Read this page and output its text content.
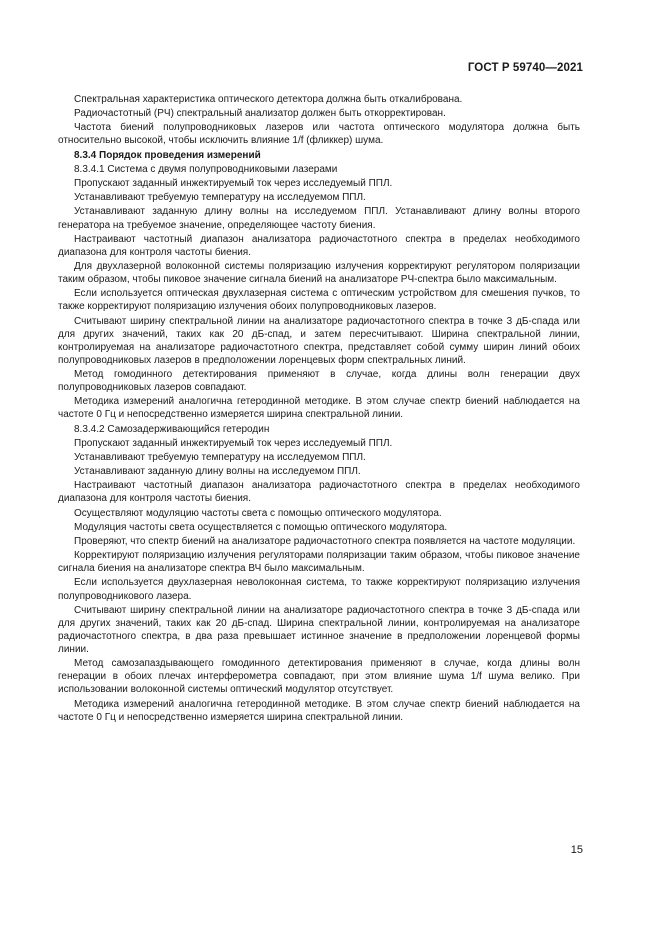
ГОСТ Р 59740—2021

Спектральная характеристика оптического детектора должна быть откалибрована.

Радиочастотный (РЧ) спектральный анализатор должен быть откорректирован.

Частота биений полупроводниковых лазеров или частота оптического модулятора должна быть относительно высокой, чтобы исключить влияние 1/f (фликкер) шума.

8.3.4 Порядок проведения измерений

8.3.4.1 Система с двумя полупроводниковыми лазерами

Пропускают заданный инжектируемый ток через исследуемый ППЛ.

Устанавливают требуемую температуру на исследуемом ППЛ.

Устанавливают заданную длину волны на исследуемом ППЛ. Устанавливают длину волны второго генератора на требуемое значение, определяющее частоту биения.

Настраивают частотный диапазон анализатора радиочастотного спектра в пределах необходимого диапазона для контроля частоты биения.

Для двухлазерной волоконной системы поляризацию излучения корректируют регулятором поляризации таким образом, чтобы пиковое значение сигнала биений на анализаторе РЧ-спектра было максимальным.

Если используется оптическая двухлазерная система с оптическим устройством для смешения пучков, то также корректируют поляризацию излучения обоих полупроводниковых лазеров.

Считывают ширину спектральной линии на анализаторе радиочастотного спектра в точке 3 дБ-спада или для других значений, таких как 20 дБ-спад, и затем пересчитывают. Ширина спектральной линии, контролируемая на анализаторе радиочастотного спектра, представляет собой сумму ширин линий обоих полупроводниковых лазеров в предположении лоренцевых форм спектральных линий.

Метод гомодинного детектирования применяют в случае, когда длины волн генерации двух полупроводниковых лазеров совпадают.

Методика измерений аналогична гетеродинной методике. В этом случае спектр биений наблюдается на частоте 0 Гц и непосредственно измеряется ширина спектральной линии.

8.3.4.2 Самозадерживающийся гетеродин

Пропускают заданный инжектируемый ток через исследуемый ППЛ.

Устанавливают требуемую температуру на исследуемом ППЛ.

Устанавливают заданную длину волны на исследуемом ППЛ.

Настраивают частотный диапазон анализатора радиочастотного спектра в пределах необходимого диапазона для контроля частоты биения.

Осуществляют модуляцию частоты света с помощью оптического модулятора.

Модуляция частоты света осуществляется с помощью оптического модулятора.

Проверяют, что спектр биений на анализаторе радиочастотного спектра появляется на частоте модуляции.

Корректируют поляризацию излучения регуляторами поляризации таким образом, чтобы пиковое значение сигнала биения на анализаторе спектра ВЧ было максимальным.

Если используется двухлазерная неволоконная система, то также корректируют поляризацию излучения полупроводникового лазера.

Считывают ширину спектральной линии на анализаторе радиочастотного спектра в точке 3 дБ-спада или для других значений, таких как 20 дБ-спад. Ширина спектральной линии, контролируемая на анализаторе радиочастотного спектра, в два раза превышает истинное значение в предположении лоренцевой формы линии.

Метод самозапаздывающего гомодинного детектирования применяют в случае, когда длины волн генерации в обоих плечах интерферометра совпадают, при этом влияние шума 1/f шума велико. При использовании волоконной системы оптический модулятор отсутствует.

Методика измерений аналогична гетеродинной методике. В этом случае спектр биений наблюдается на частоте 0 Гц и непосредственно измеряется ширина спектральной линии.

15
